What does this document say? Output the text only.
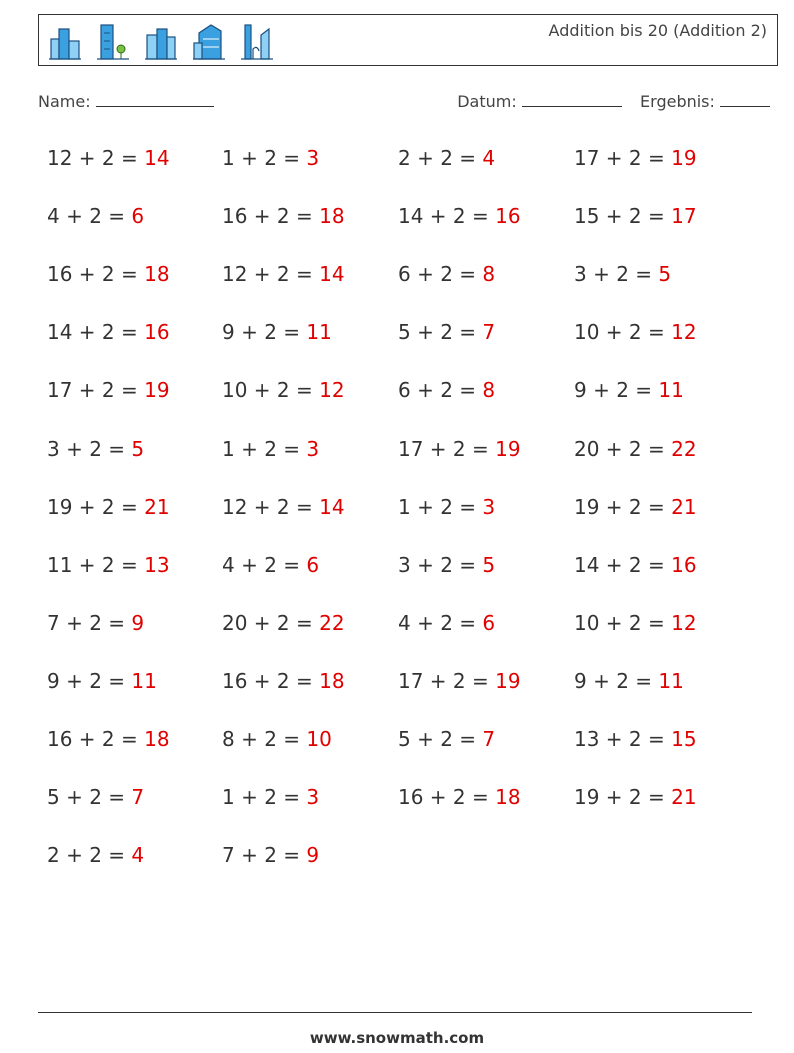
Addition bis 20 (Addition 2)
Name:	Datum:	Ergebnis:
12 + 2 = 14	1 + 2 = 3	2 + 2 = 4	17 + 2 = 19
4 + 2 = 6	16 + 2 = 18	14 + 2 = 16	15 + 2 = 17
16 + 2 = 18	12 + 2 = 14	6 + 2 = 8	3 + 2 = 5
14 + 2 = 16	9 + 2 = 11	5 + 2 = 7	10 + 2 = 12
17 + 2 = 19	10 + 2 = 12	6 + 2 = 8	9 + 2 = 11
3 + 2 = 5	1 + 2 = 3	17 + 2 = 19	20 + 2 = 22
19 + 2 = 21	12 + 2 = 14	1 + 2 = 3	19 + 2 = 21
11 + 2 = 13	4 + 2 = 6	3 + 2 = 5	14 + 2 = 16
7 + 2 = 9	20 + 2 = 22	4 + 2 = 6	10 + 2 = 12
9 + 2 = 11	16 + 2 = 18	17 + 2 = 19	9 + 2 = 11
16 + 2 = 18	8 + 2 = 10	5 + 2 = 7	13 + 2 = 15
5 + 2 = 7	1 + 2 = 3	16 + 2 = 18	19 + 2 = 21
2 + 2 = 4	7 + 2 = 9
www.snowmath.com
